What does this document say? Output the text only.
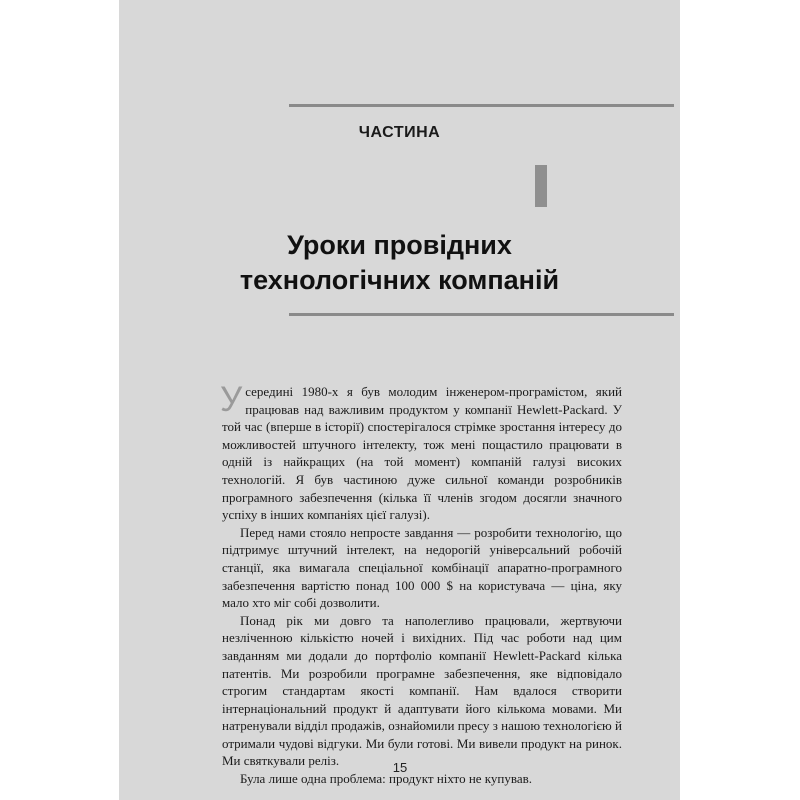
ЧАСТИНА
Уроки провідних
технологічних компаній

У середині 1980-х я був молодим інженером-програмістом, який працював над важливим продуктом у компанії Hewlett-Packard. У той час (вперше в історії) спостерігалося стрімке зростання інтересу до можливостей штучного інтелекту, тож мені пощастило працювати в одній із найкращих (на той момент) компаній галузі високих технологій. Я був частиною дуже сильної команди розробників програмного забезпечення (кілька її членів згодом досягли значного успіху в інших компаніях цієї галузі).

Перед нами стояло непросте завдання — розробити технологію, що підтримує штучний інтелект, на недорогій універсальний робочій станції, яка вимагала спеціальної комбінації апаратно-програмного забезпечення вартістю понад 100 000 $ на користувача — ціна, яку мало хто міг собі дозволити.

Понад рік ми довго та наполегливо працювали, жертвуючи незліченною кількістю ночей і вихідних. Під час роботи над цим завданням ми додали до портфоліо компанії Hewlett-Packard кілька патентів. Ми розробили програмне забезпечення, яке відповідало строгим стандартам якості компанії. Нам вдалося створити інтернаціональний продукт й адаптувати його кількома мовами. Ми натренували відділ продажів, ознайомили пресу з нашою технологією й отримали чудові відгуки. Ми були готові. Ми вивели продукт на ринок. Ми святкували реліз.

Була лише одна проблема: продукт ніхто не купував.

15
